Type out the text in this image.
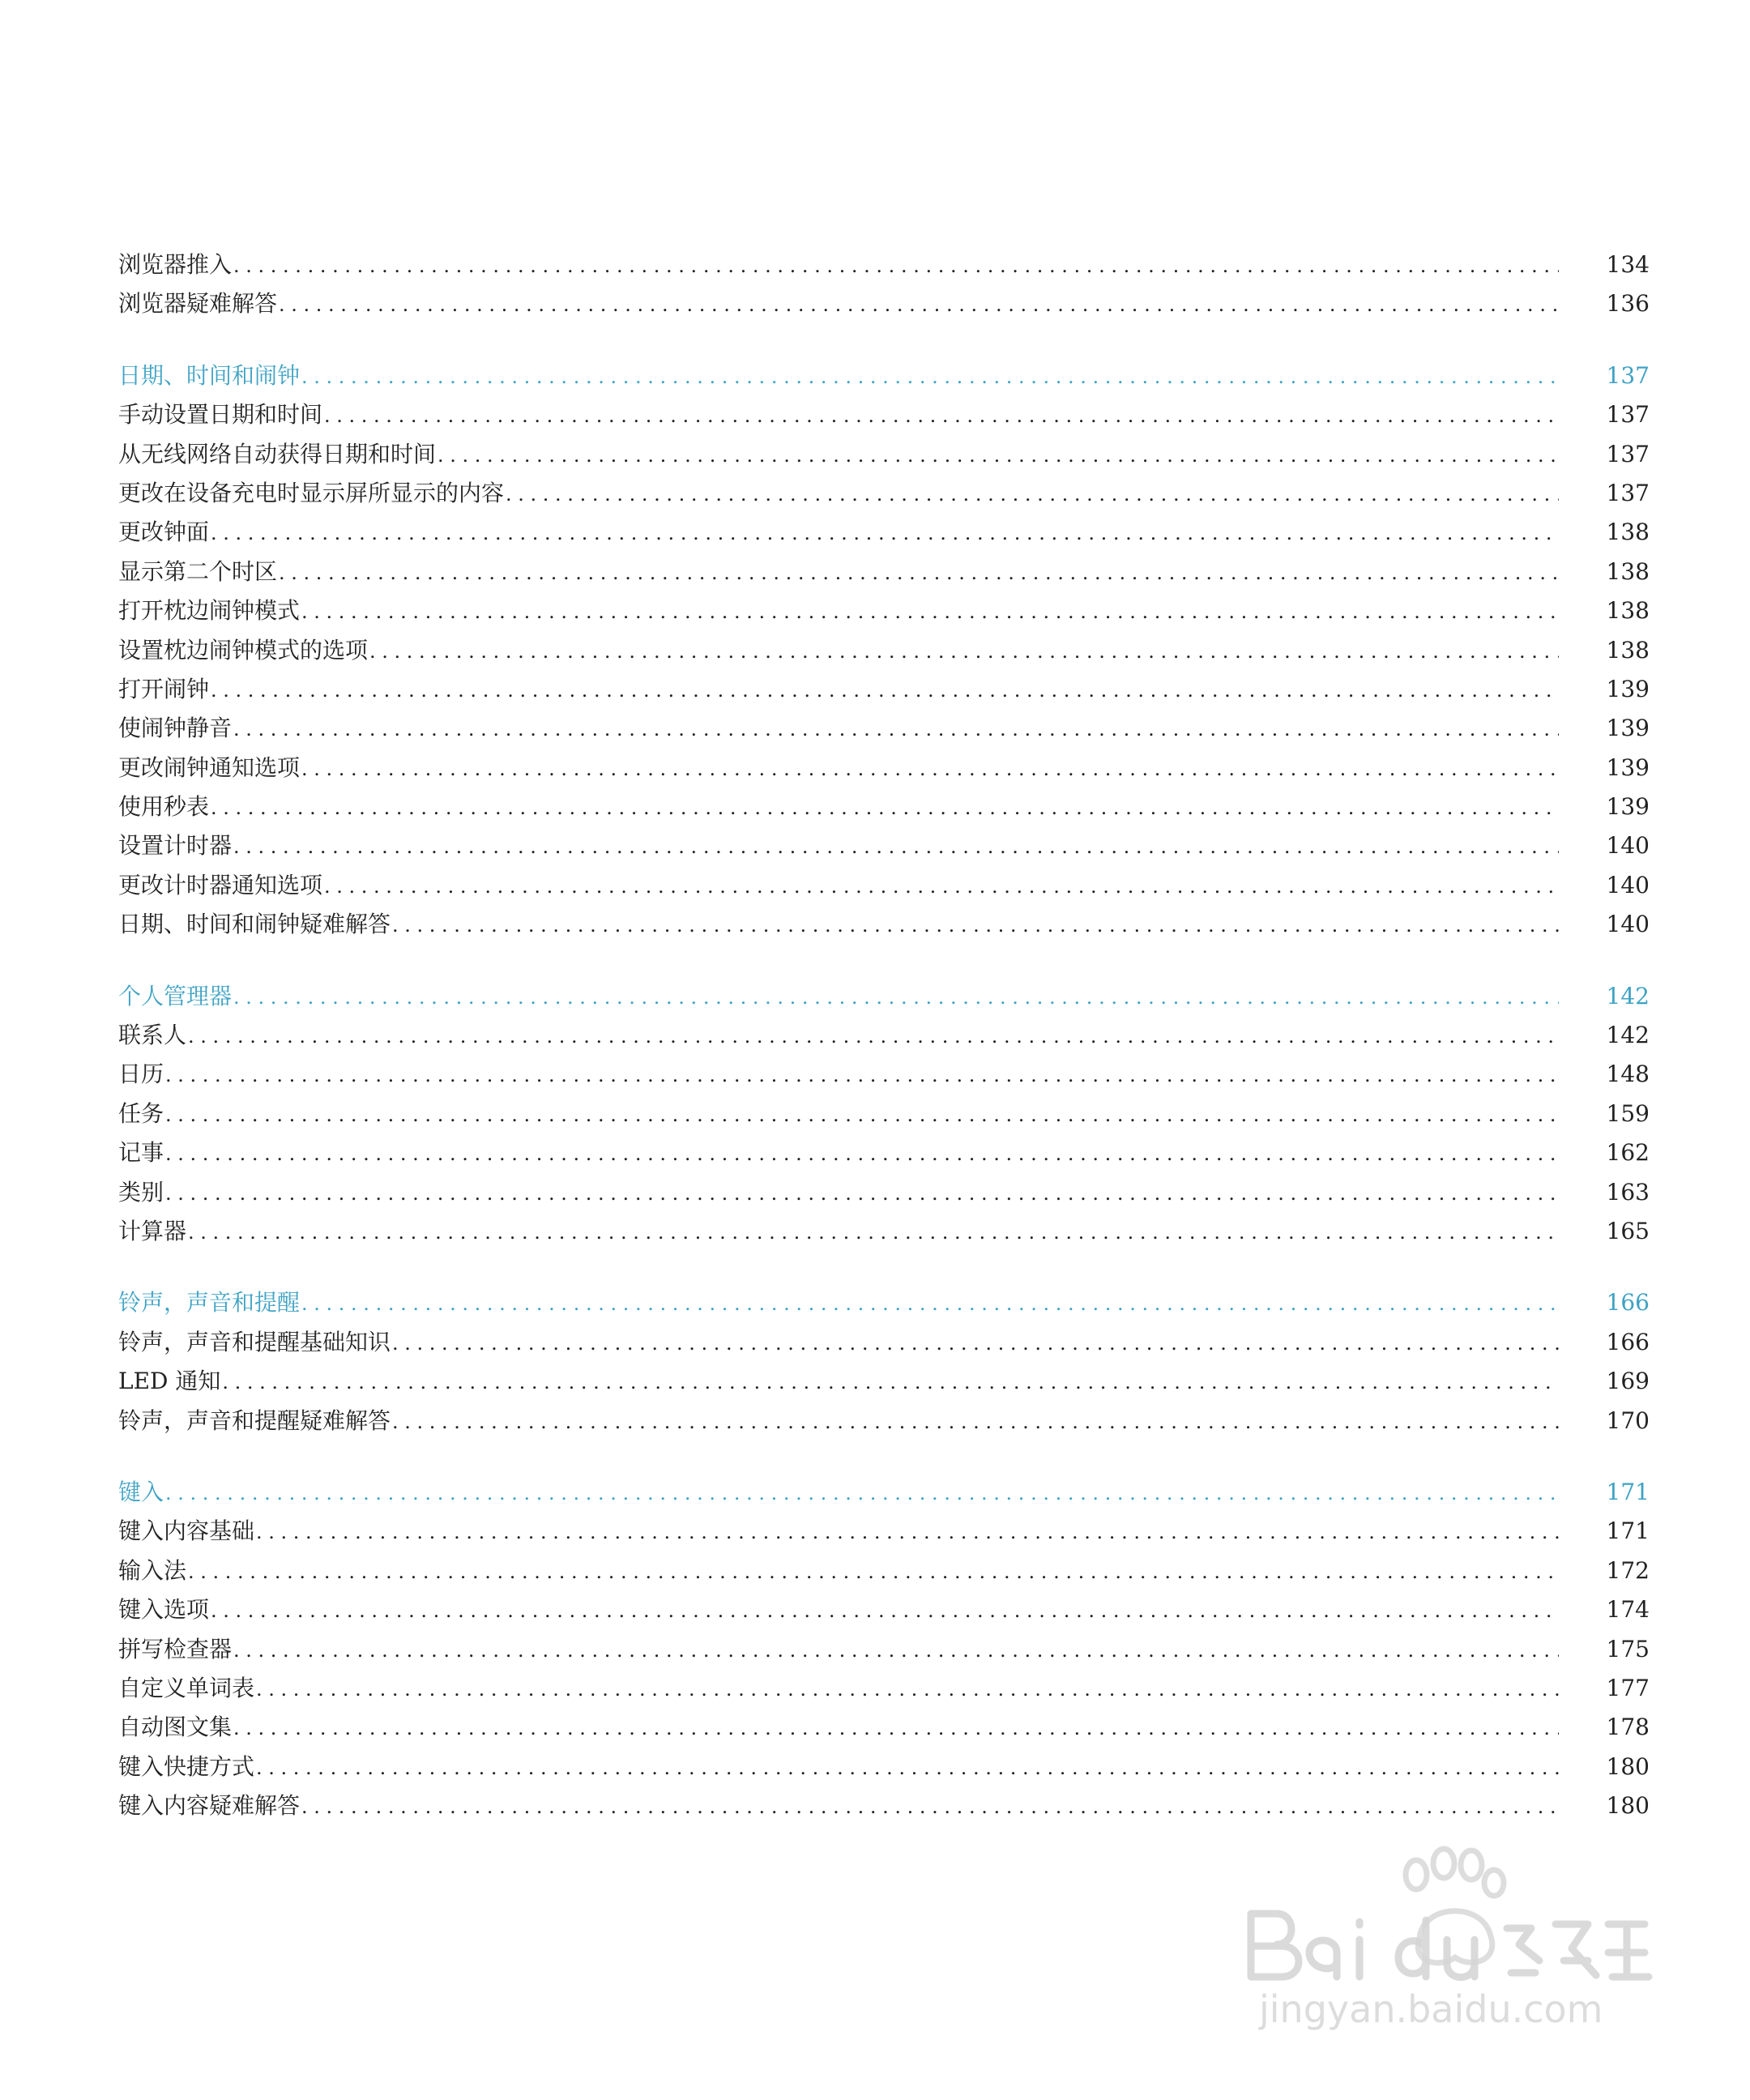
浏览器推入 . . .	134
浏览器疑难解答 . . .	136
日期、时间和闹钟 . . .	137
手动设置日期和时间 . . .	137
从无线网络自动获得日期和时间 . . .	137
更改在设备充电时显示屏所显示的内容 . . .	137
更改钟面 . . .	138
显示第二个时区 . . .	138
打开枕边闹钟模式 . . .	138
设置枕边闹钟模式的选项 . . .	138
打开闹钟 . . .	139
使闹钟静音 . . .	139
更改闹钟通知选项 . . .	139
使用秒表 . . .	139
设置计时器 . . .	140
更改计时器通知选项 . . .	140
日期、时间和闹钟疑难解答 . . .	140
个人管理器 . . .	142
联系人 . . .	142
日历 . . .	148
任务 . . .	159
记事 . . .	162
类别 . . .	163
计算器 . . .	165
铃声，声音和提醒 . . .	166
铃声，声音和提醒基础知识 . . .	166
LED 通知 . . .	169
铃声，声音和提醒疑难解答 . . .	170
键入 . . .	171
键入内容基础 . . .	171
输入法 . . .	172
键入选项 . . .	174
拼写检查器 . . .	175
自定义单词表 . . .	177
自动图文集 . . .	178
键入快捷方式 . . .	180
键入内容疑难解答 . . .	180
jingyan.baidu.com
